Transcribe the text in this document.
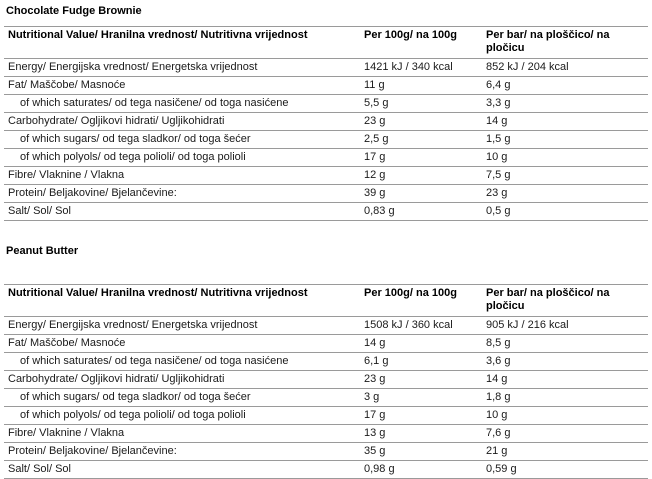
Chocolate Fudge Brownie
Nutritional Value/ Hranilna vrednost/ Nutritivna vrijednost	Per 100g/ na 100g	Per bar/ na ploščico/ na pločicu
Energy/ Energijska vrednost/ Energetska vrijednost	1421 kJ / 340 kcal	852 kJ / 204 kcal
Fat/ Maščobe/ Masnoće	11 g	6,4 g
of which saturates/ od tega nasičene/ od toga nasićene	5,5 g	3,3 g
Carbohydrate/ Ogljikovi hidrati/ Ugljikohidrati	23 g	14 g
of which sugars/ od tega sladkor/ od toga šećer	2,5 g	1,5 g
of which polyols/ od tega polioli/ od toga polioli	17 g	10 g
Fibre/ Vlaknine / Vlakna	12 g	7,5 g
Protein/ Beljakovine/ Bjelančevine:	39 g	23 g
Salt/ Sol/ Sol	0,83 g	0,5 g
Peanut Butter
Nutritional Value/ Hranilna vrednost/ Nutritivna vrijednost	Per 100g/ na 100g	Per bar/ na ploščico/ na pločicu
Energy/ Energijska vrednost/ Energetska vrijednost	1508 kJ / 360 kcal	905 kJ / 216 kcal
Fat/ Maščobe/ Masnoće	14 g	8,5 g
of which saturates/ od tega nasičene/ od toga nasićene	6,1 g	3,6 g
Carbohydrate/ Ogljikovi hidrati/ Ugljikohidrati	23 g	14 g
of which sugars/ od tega sladkor/ od toga šećer	3 g	1,8 g
of which polyols/ od tega polioli/ od toga polioli	17 g	10 g
Fibre/ Vlaknine / Vlakna	13 g	7,6 g
Protein/ Beljakovine/ Bjelančevine:	35 g	21 g
Salt/ Sol/ Sol	0,98 g	0,59 g
